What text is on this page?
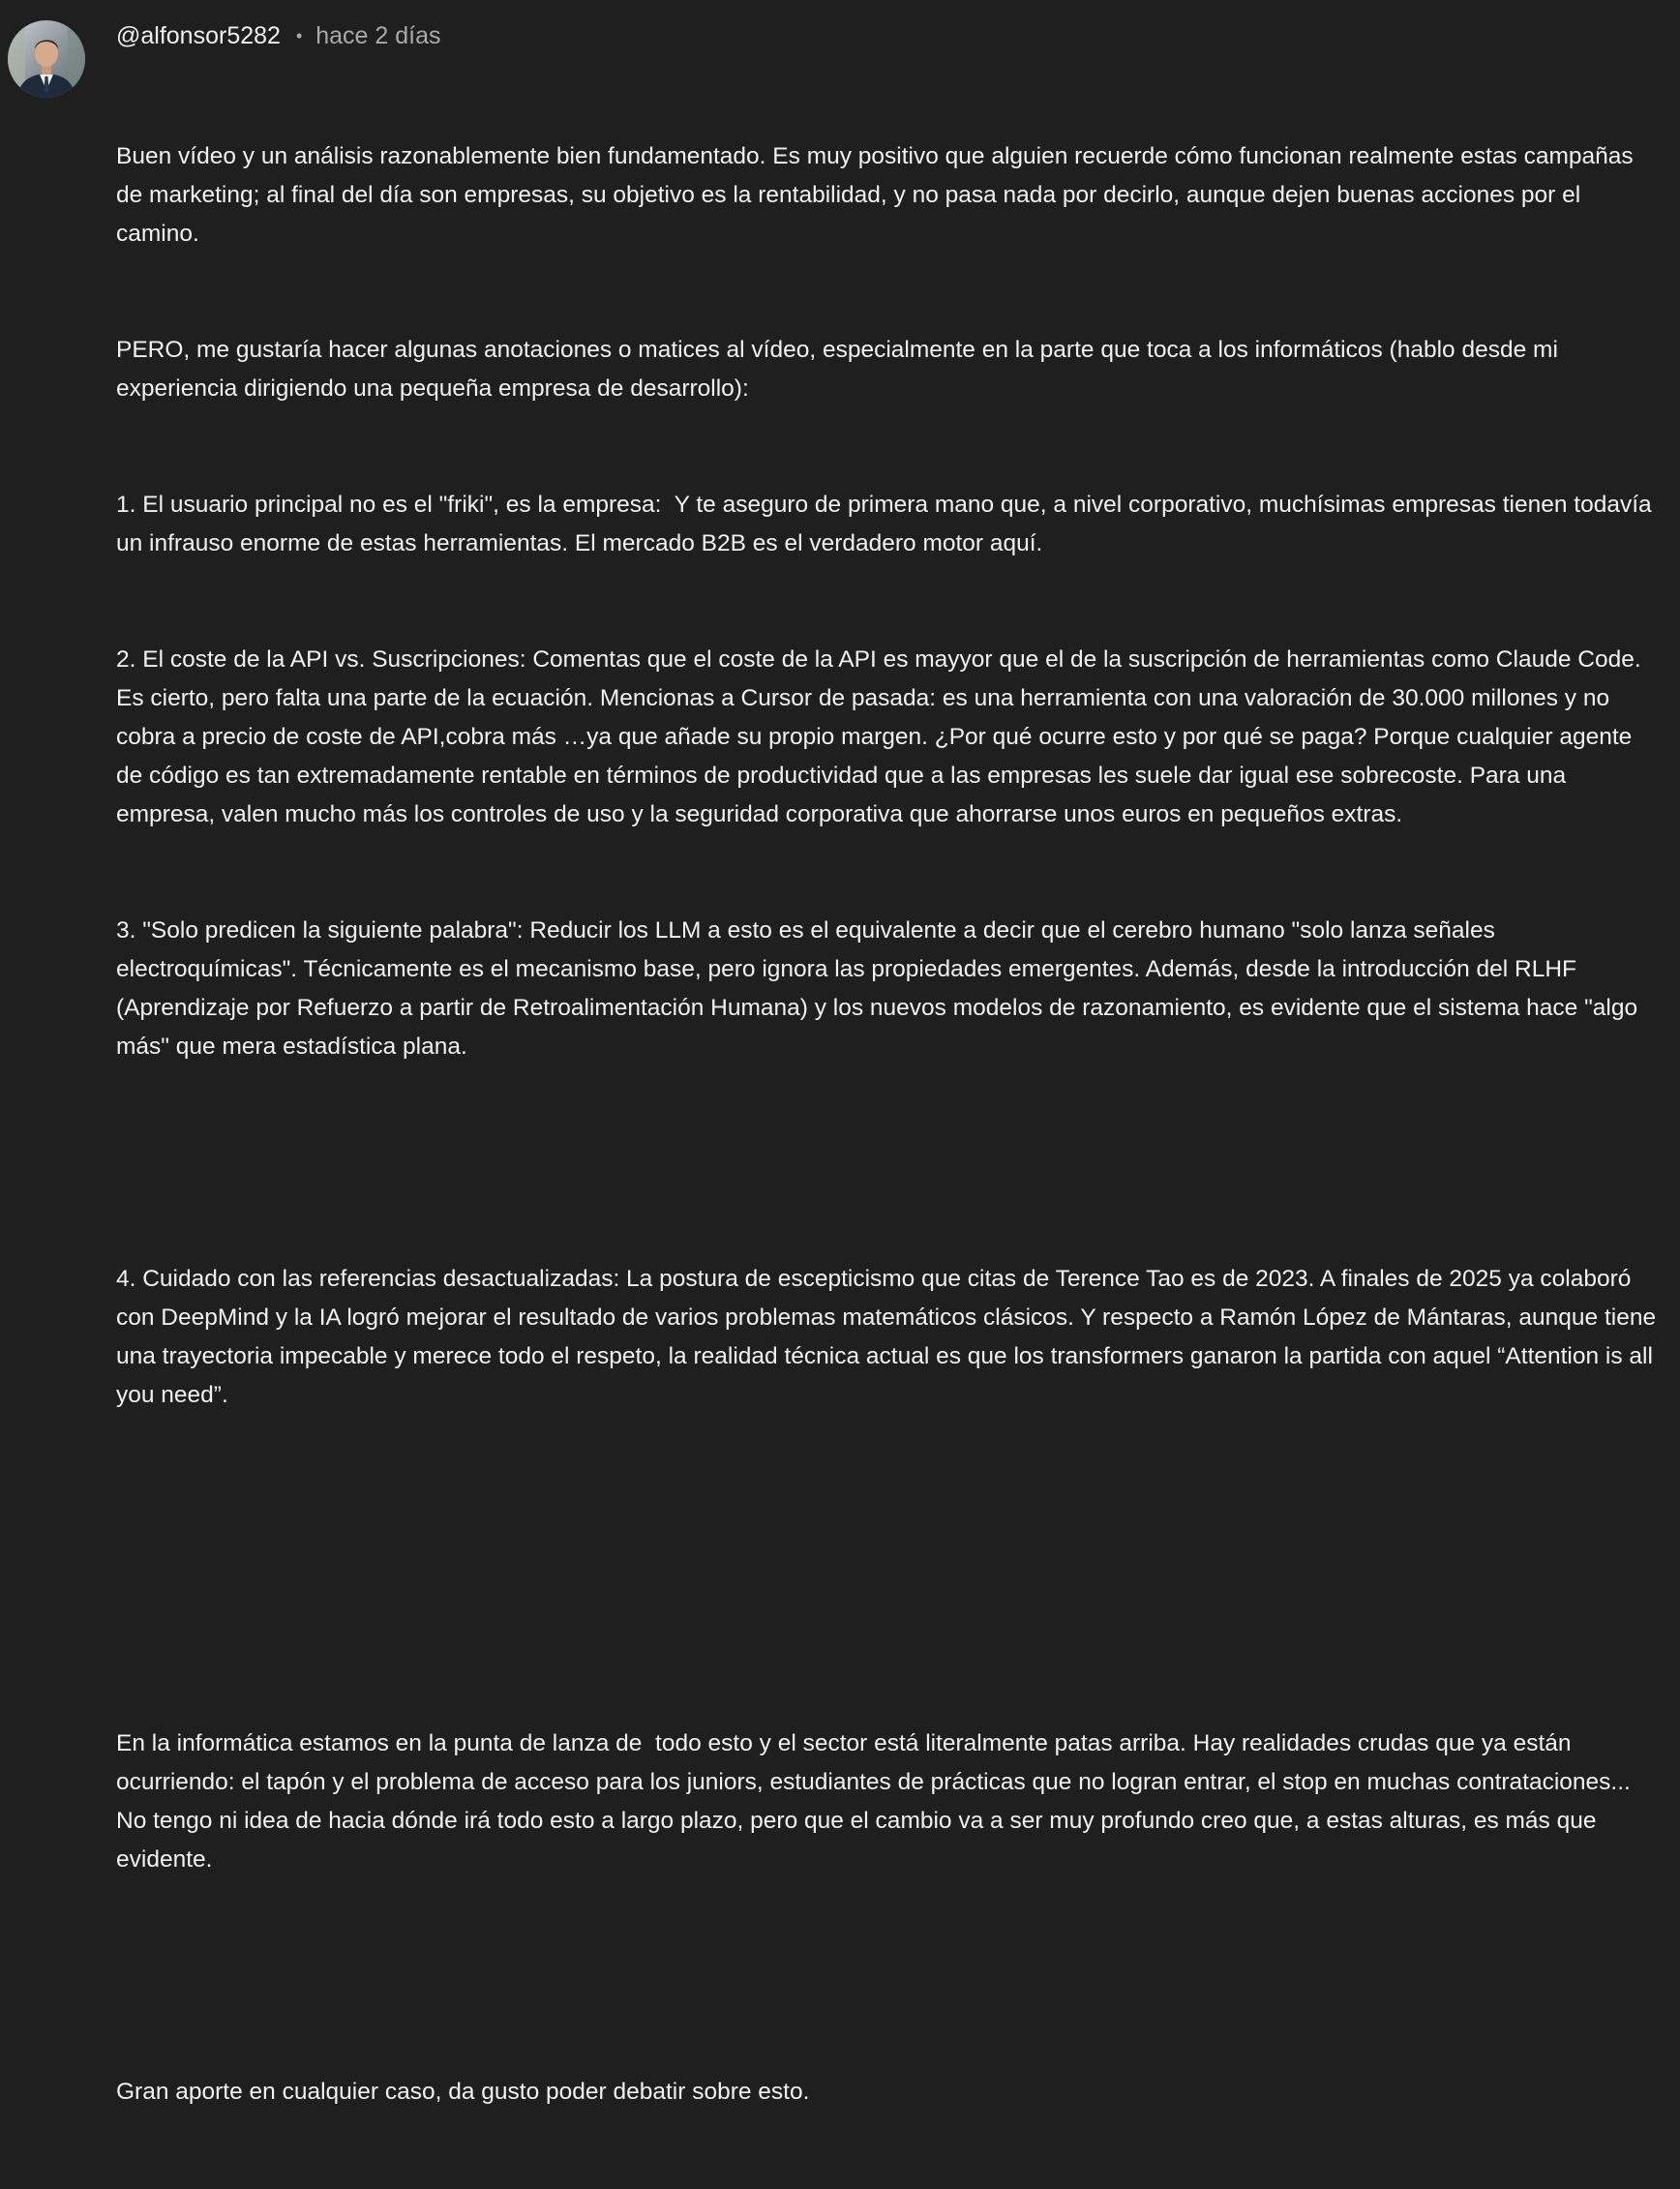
@alfonsor5282 • hace 2 días

Buen vídeo y un análisis razonablemente bien fundamentado. Es muy positivo que alguien recuerde cómo funcionan realmente estas campañas de marketing; al final del día son empresas, su objetivo es la rentabilidad, y no pasa nada por decirlo, aunque dejen buenas acciones por el camino.

PERO, me gustaría hacer algunas anotaciones o matices al vídeo, especialmente en la parte que toca a los informáticos (hablo desde mi experiencia dirigiendo una pequeña empresa de desarrollo):

1. El usuario principal no es el "friki", es la empresa:  Y te aseguro de primera mano que, a nivel corporativo, muchísimas empresas tienen todavía un infrauso enorme de estas herramientas. El mercado B2B es el verdadero motor aquí.

2. El coste de la API vs. Suscripciones: Comentas que el coste de la API es mayyor que el de la suscripción de herramientas como Claude Code. Es cierto, pero falta una parte de la ecuación. Mencionas a Cursor de pasada: es una herramienta con una valoración de 30.000 millones y no cobra a precio de coste de API,cobra más …ya que añade su propio margen. ¿Por qué ocurre esto y por qué se paga? Porque cualquier agente de código es tan extremadamente rentable en términos de productividad que a las empresas les suele dar igual ese sobrecoste. Para una empresa, valen mucho más los controles de uso y la seguridad corporativa que ahorrarse unos euros en pequeños extras.

3. "Solo predicen la siguiente palabra": Reducir los LLM a esto es el equivalente a decir que el cerebro humano "solo lanza señales electroquímicas". Técnicamente es el mecanismo base, pero ignora las propiedades emergentes. Además, desde la introducción del RLHF (Aprendizaje por Refuerzo a partir de Retroalimentación Humana) y los nuevos modelos de razonamiento, es evidente que el sistema hace "algo  más" que mera estadística plana.

4. Cuidado con las referencias desactualizadas: La postura de escepticismo que citas de Terence Tao es de 2023. A finales de 2025 ya colaboró con DeepMind y la IA logró mejorar el resultado de varios problemas matemáticos clásicos. Y respecto a Ramón López de Mántaras, aunque tiene una trayectoria impecable y merece todo el respeto, la realidad técnica actual es que los transformers ganaron la partida con aquel “Attention is all you need”.

En la informática estamos en la punta de lanza de  todo esto y el sector está literalmente patas arriba. Hay realidades crudas que ya están ocurriendo: el tapón y el problema de acceso para los juniors, estudiantes de prácticas que no logran entrar, el stop en muchas contrataciones... No tengo ni idea de hacia dónde irá todo esto a largo plazo, pero que el cambio va a ser muy profundo creo que, a estas alturas, es más que evidente.

Gran aporte en cualquier caso, da gusto poder debatir sobre esto.
